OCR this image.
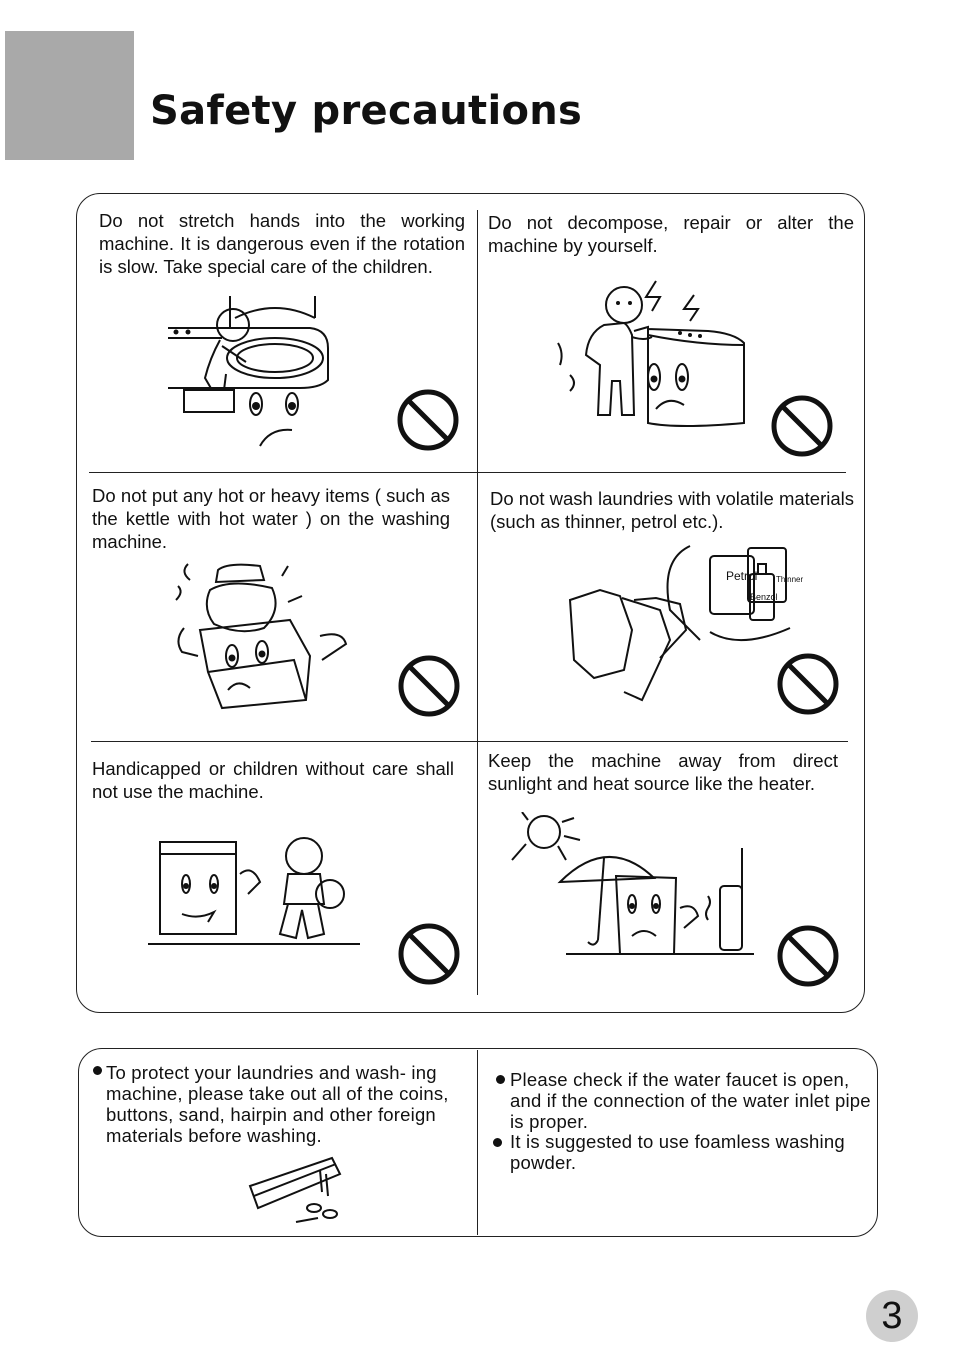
Safety precautions
Do not stretch hands into the working machine. It is dangerous even if the rotation is slow. Take special care of the children.
Do not decompose, repair or alter the machine by yourself.
Do not put any hot or heavy items ( such as the kettle with hot water ) on the washing machine.
Do not wash laundries with volatile materials (such as thinner, petrol etc.).
Handicapped or children without care shall not use the machine.
Keep the machine away from direct sunlight and heat source like the heater.
Petrol Thinner
Benzol
To protect your laundries and wash- ing machine, please take out all of the coins, buttons, sand, hairpin and other foreign materials before washing.
Please check if the water faucet is open, and if the connection of the water inlet pipe is proper.
It is suggested to use foamless washing powder.
3
